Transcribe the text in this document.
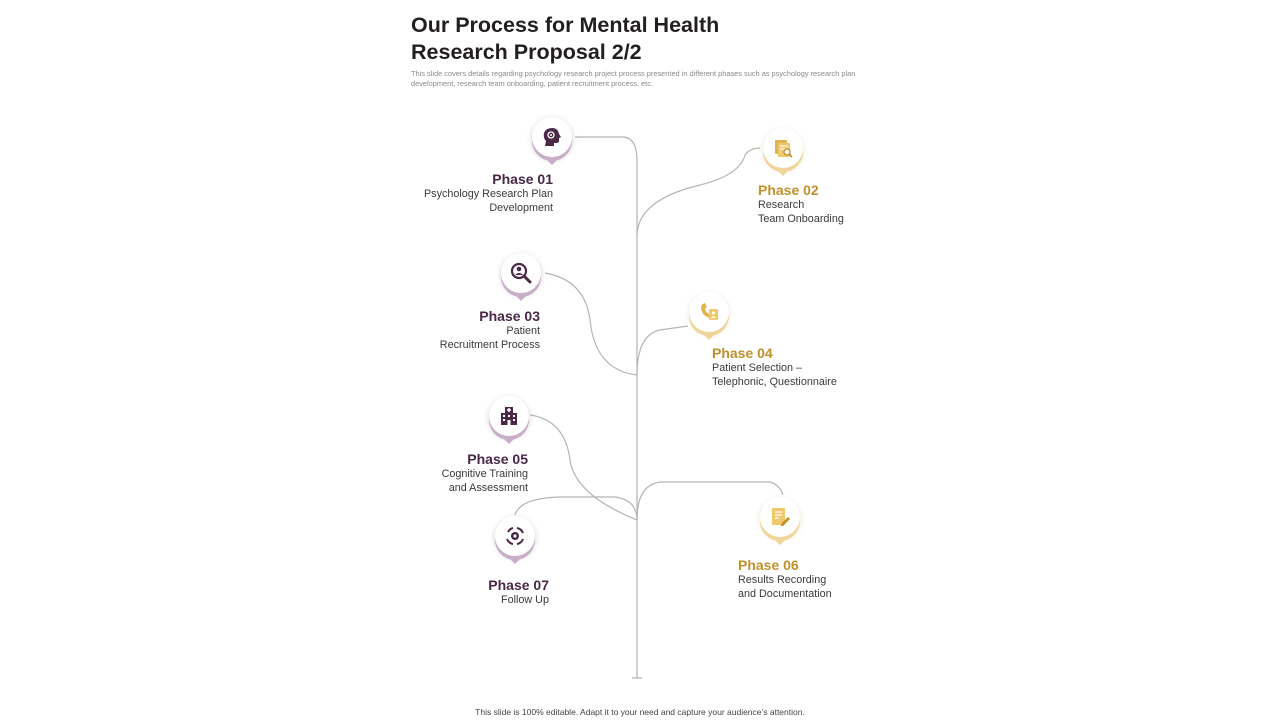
Our Process for Mental Health
Research Proposal 2/2
This slide covers details regarding psychology research project process presented in different phases such as psychology research plan development, research team onboarding, patient recruitment process, etc.
Phase 01
Psychology Research Plan
Development
Phase 02
Research
Team Onboarding
Phase 03
Patient
Recruitment Process	Phase 04
Patient Selection –
Telephonic, Questionnaire
Phase 05
Cognitive Training
and Assessment
Phase 06
Results Recording
and Documentation
Phase 07
Follow Up
This slide is 100% editable. Adapt it to your need and capture your audience’s attention.
